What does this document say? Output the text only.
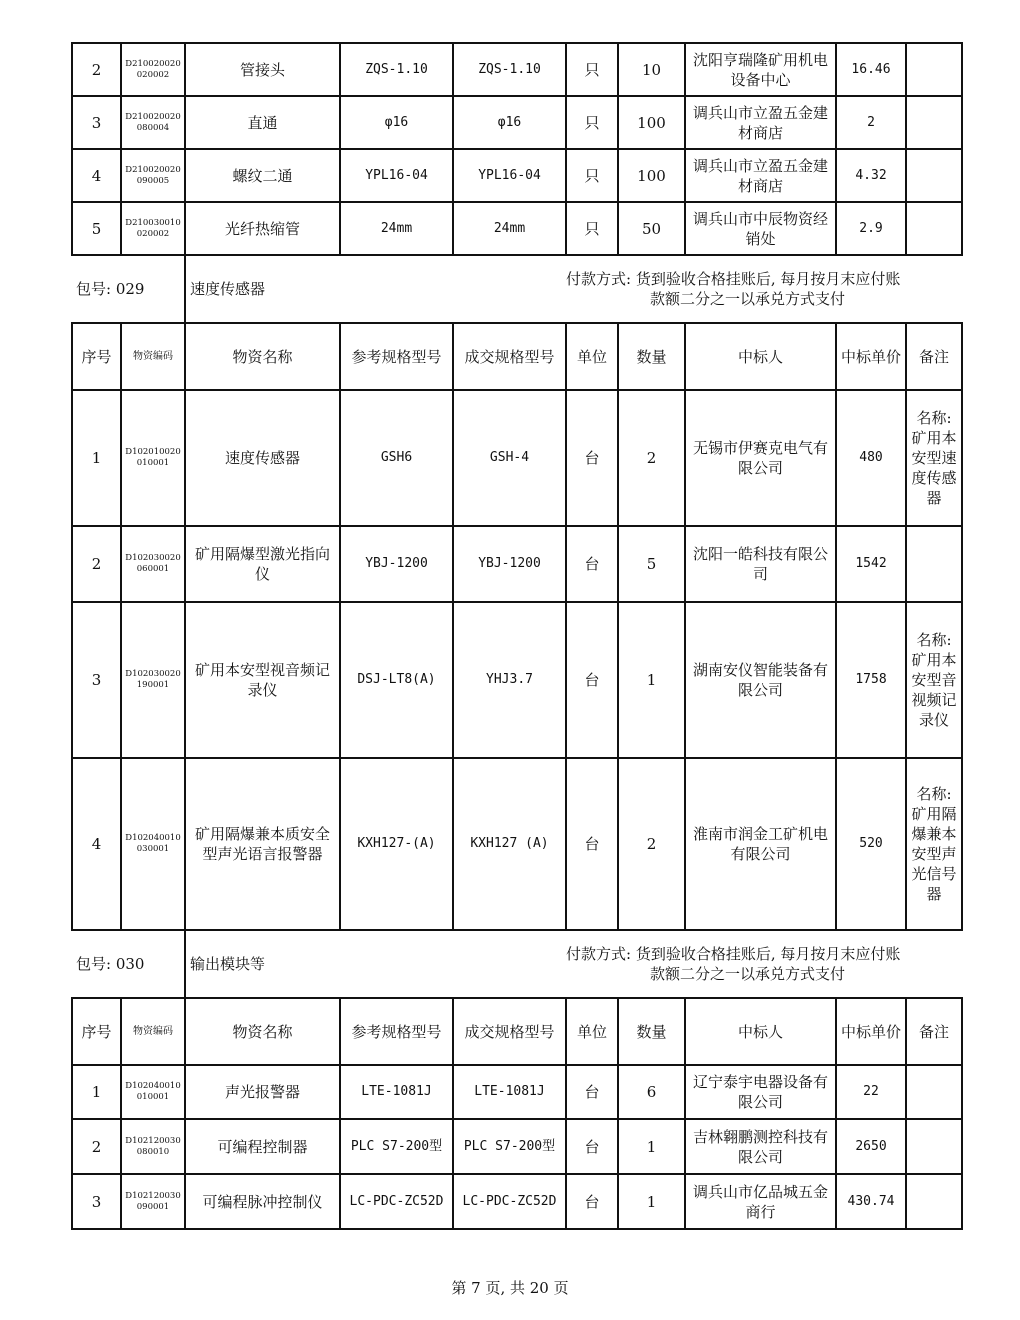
2	D210020020020002	管接头	ZQS-1.10	ZQS-1.10	只	10	沈阳亨瑞隆矿用机电设备中心	16.46	
3	D210020020080004	直通	φ16	φ16	只	100	调兵山市立盈五金建材商店	2	
4	D210020020090005	螺纹二通	YPL16-04	YPL16-04	只	100	调兵山市立盈五金建材商店	4.32	
5	D210030010020002	光纤热缩管	24mm	24mm	只	50	调兵山市中辰物资经销处	2.9	
包号: 029		速度传感器			付款方式: 货到验收合格挂账后, 每月按月末应付账
款额二分之一以承兑方式支付				

序号	物资编码	物资名称	参考规格型号	成交规格型号	单位	数量	中标人	中标单价	备注
1	D102010020010001	速度传感器	GSH6	GSH-4	台	2	无锡市伊赛克电气有限公司	480	名称:矿用本安型速度传感器
2	D102030020060001	矿用隔爆型激光指向仪	YBJ-1200	YBJ-1200	台	5	沈阳一皓科技有限公司	1542	
3	D102030020190001	矿用本安型视音频记录仪	DSJ-LT8(A)	YHJ3.7	台	1	湖南安仪智能装备有限公司	1758	名称:矿用本安型音视频记录仪
4	D102040010030001	矿用隔爆兼本质安全型声光语言报警器	KXH127-(A)	KXH127 (A)	台	2	淮南市润金工矿机电有限公司	520	名称:矿用隔爆兼本安型声光信号器
包号: 030		输出模块等			付款方式: 货到验收合格挂账后, 每月按月末应付账
款额二分之一以承兑方式支付				

序号	物资编码	物资名称	参考规格型号	成交规格型号	单位	数量	中标人	中标单价	备注
1	D102040010010001	声光报警器	LTE-1081J	LTE-1081J	台	6	辽宁泰宇电器设备有限公司	22	
2	D102120030080010	可编程控制器	PLC S7-200型	PLC S7-200型	台	1	吉林翱鹏测控科技有限公司	2650	
3	D102120030090001	可编程脉冲控制仪	LC-PDC-ZC52D	LC-PDC-ZC52D	台	1	调兵山市亿品城五金商行	430.74	
第 7 页, 共 20 页
